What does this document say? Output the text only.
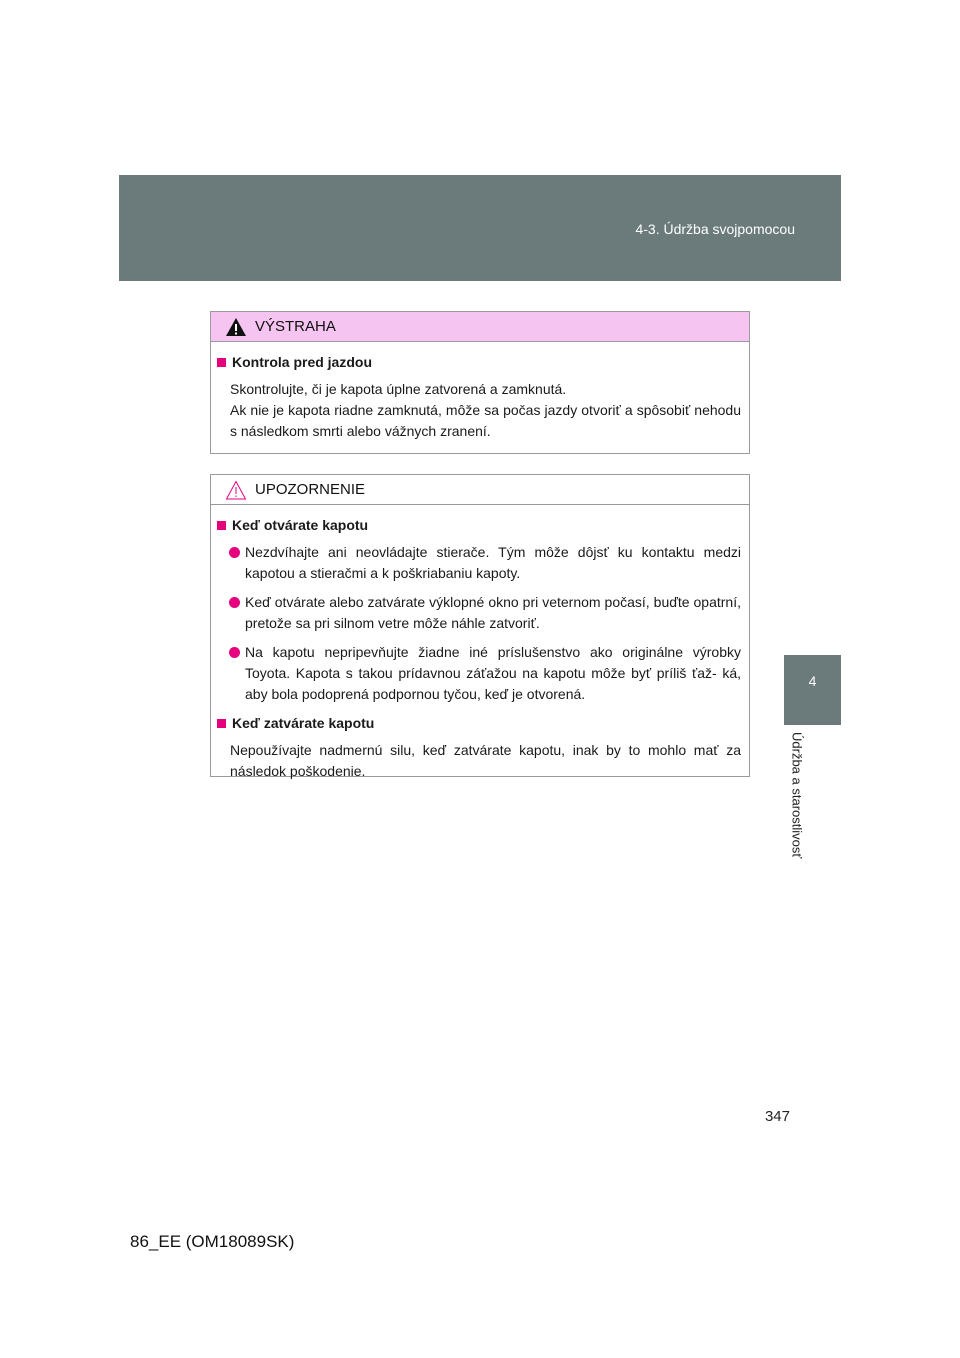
4-3. Údržba svojpomocou
4
Údržba a starostlivosť
VÝSTRAHA
Kontrola pred jazdou
Skontrolujte, či je kapota úplne zatvorená a zamknutá.
Ak nie je kapota riadne zamknutá, môže sa počas jazdy otvoriť a spôsobiť nehodu s následkom smrti alebo vážnych zranení.
UPOZORNENIE
Keď otvárate kapotu
Nezdvíhajte ani neovládajte stierače. Tým môže dôjsť ku kontaktu medzi kapotou a stieračmi a k poškriabaniu kapoty.
Keď otvárate alebo zatvárate výklopné okno pri veternom počasí, buďte opatrní, pretože sa pri silnom vetre môže náhle zatvoriť.
Na kapotu nepripevňujte žiadne iné príslušenstvo ako originálne výrobky Toyota. Kapota s takou prídavnou záťažou na kapotu môže byť príliš ťaž- ká, aby bola podoprená podpornou tyčou, keď je otvorená.
Keď zatvárate kapotu
Nepoužívajte nadmernú silu, keď zatvárate kapotu, inak by to mohlo mať za následok poškodenie.
347
86_EE (OM18089SK)
